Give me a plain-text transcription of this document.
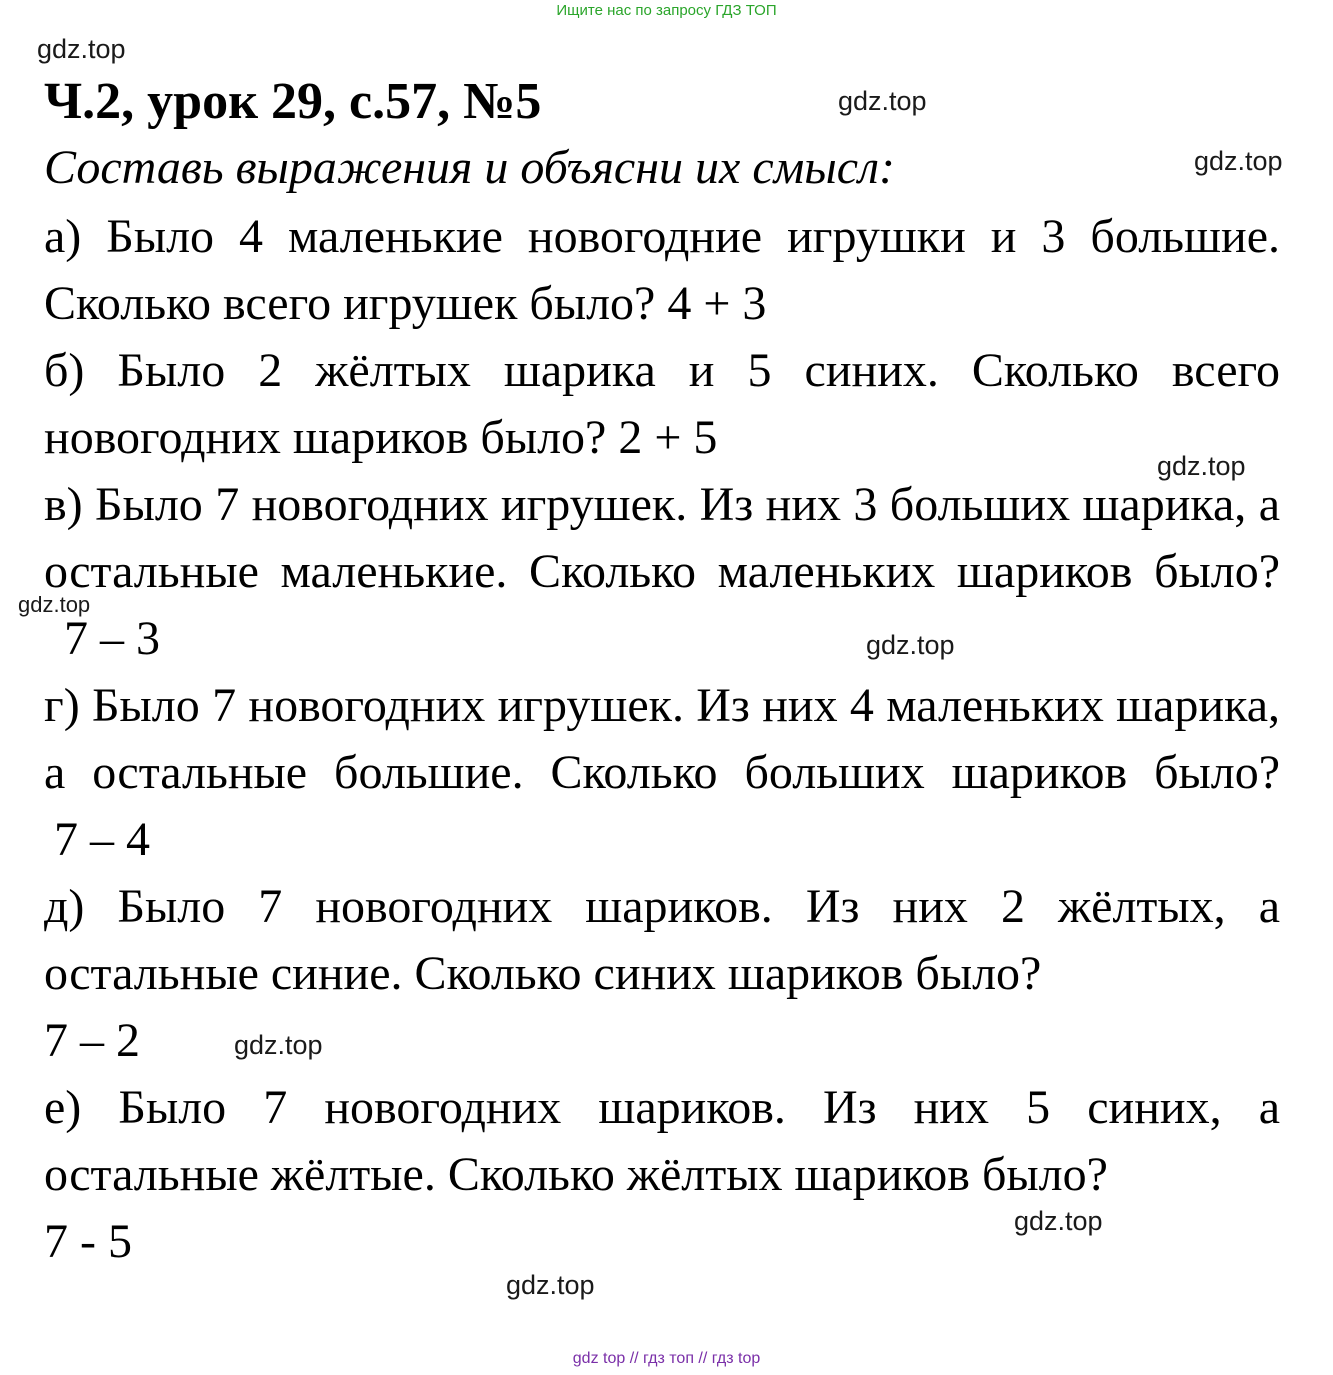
Ищите нас по запросу ГДЗ ТОП
gdz.top
gdz.top
gdz.top
gdz.top
gdz.top
gdz.top
gdz.top
gdz.top
gdz.top
Ч.2, урок 29, с.57, №5
Составь выражения и объясни их смысл:

а) Было 4 маленькие новогодние игрушки и 3 большие. Сколько всего игрушек было? 4 + 3

б) Было 2 жёлтых шарика и 5 синих. Сколько всего новогодних шариков было? 2 + 5

в) Было 7 новогодних игрушек. Из них 3 больших шарика, а остальные маленькие. Сколько маленьких шариков было? 7 – 3

г) Было 7 новогодних игрушек. Из них 4 маленьких шарика, а остальные большие. Сколько больших шариков было? 7 – 4

д) Было 7 новогодних шариков. Из них 2 жёлтых, а остальные синие. Сколько синих шариков было?
7 – 2

е) Было 7 новогодних шариков. Из них 5 синих, а остальные жёлтые. Сколько жёлтых шариков было?
7 - 5

gdz top // гдз топ // гдз top
